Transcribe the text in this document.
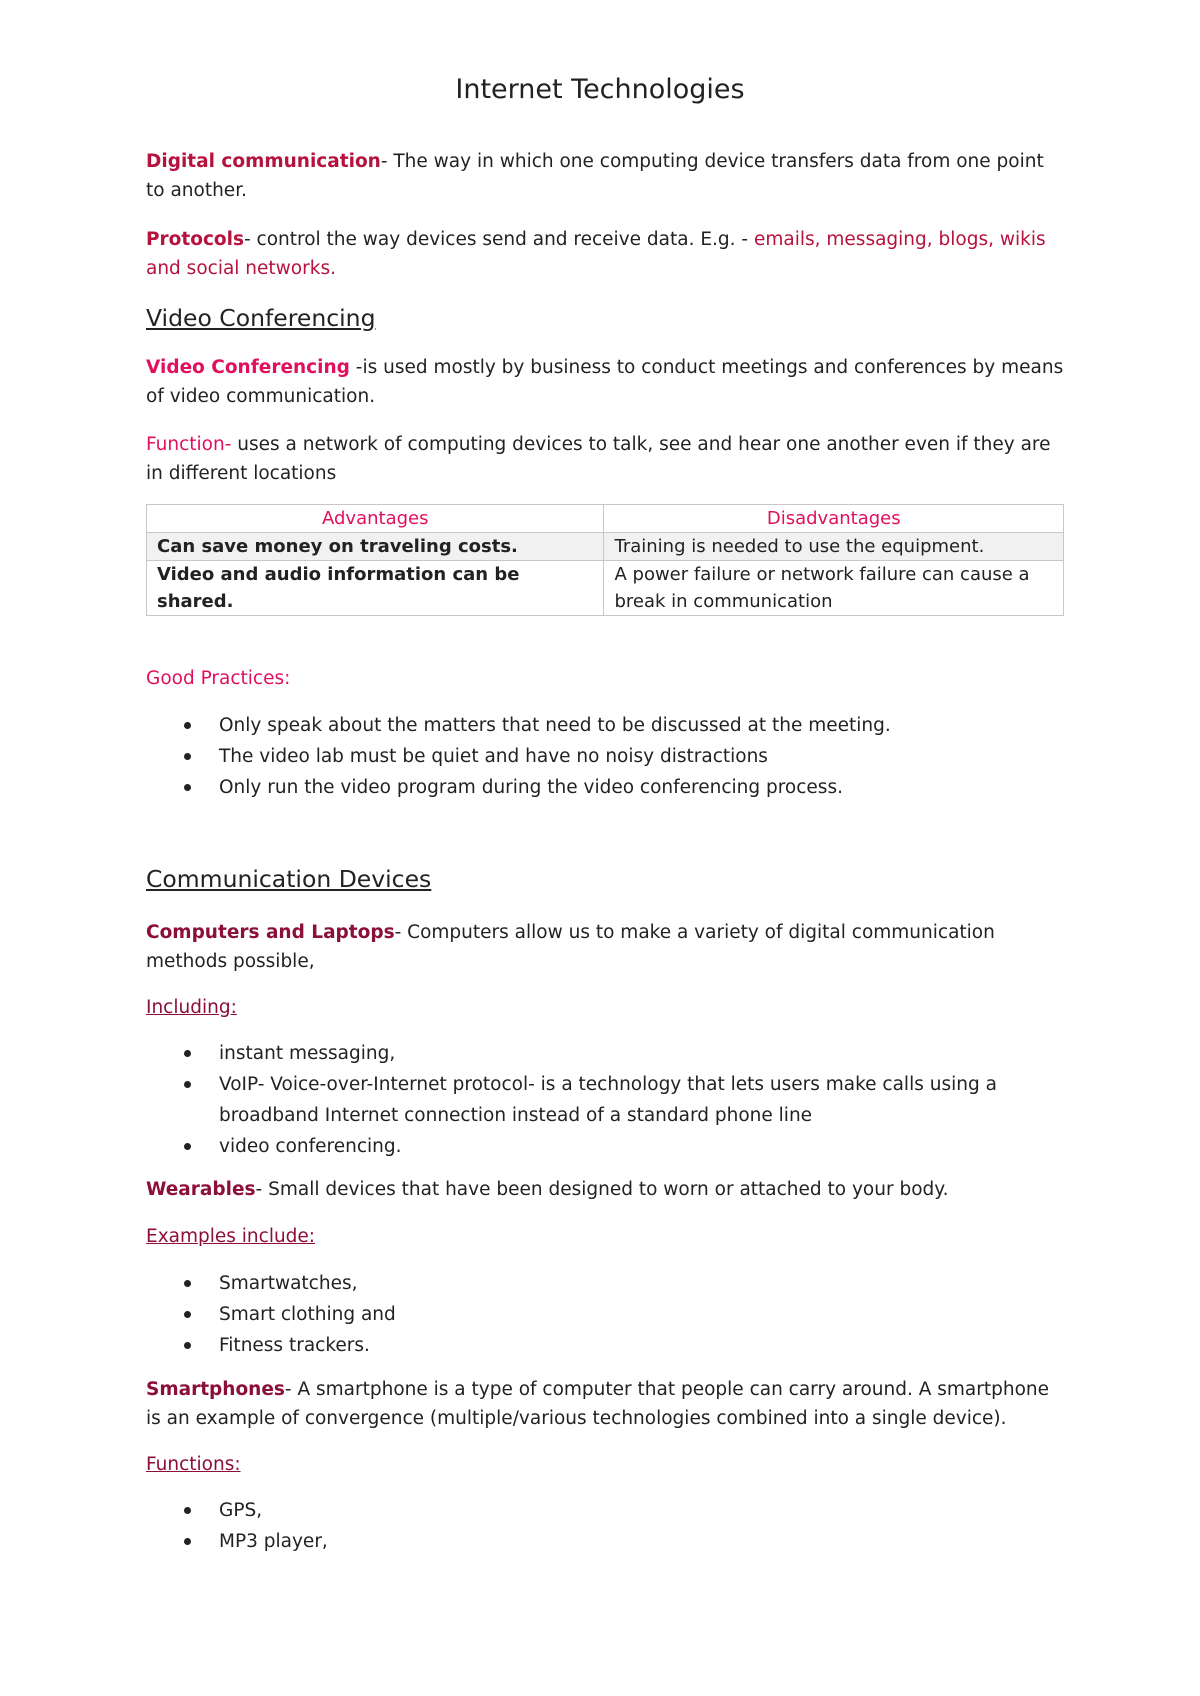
Internet Technologies

Digital communication- The way in which one computing device transfers data from one point to another.

Protocols- control the way devices send and receive data. E.g. - emails, messaging, blogs, wikis and social networks.

Video Conferencing

Video Conferencing -is used mostly by business to conduct meetings and conferences by means of video communication.

Function- uses a network of computing devices to talk, see and hear one another even if they are in different locations

Advantages	Disadvantages
Can save money on traveling costs.	Training is needed to use the equipment.
Video and audio information can be shared.	A power failure or network failure can cause a break in communication

Good Practices:

Only speak about the matters that need to be discussed at the meeting.
The video lab must be quiet and have no noisy distractions
Only run the video program during the video conferencing process.
Communication Devices

Computers and Laptops- Computers allow us to make a variety of digital communication methods possible,

Including:

instant messaging,
VoIP- Voice-over-Internet protocol- is a technology that lets users make calls using a broadband Internet connection instead of a standard phone line
video conferencing.

Wearables- Small devices that have been designed to worn or attached to your body.

Examples include:

Smartwatches,
Smart clothing and
Fitness trackers.

Smartphones- A smartphone is a type of computer that people can carry around. A smartphone is an example of convergence (multiple/various technologies combined into a single device).

Functions:

GPS,
MP3 player,
